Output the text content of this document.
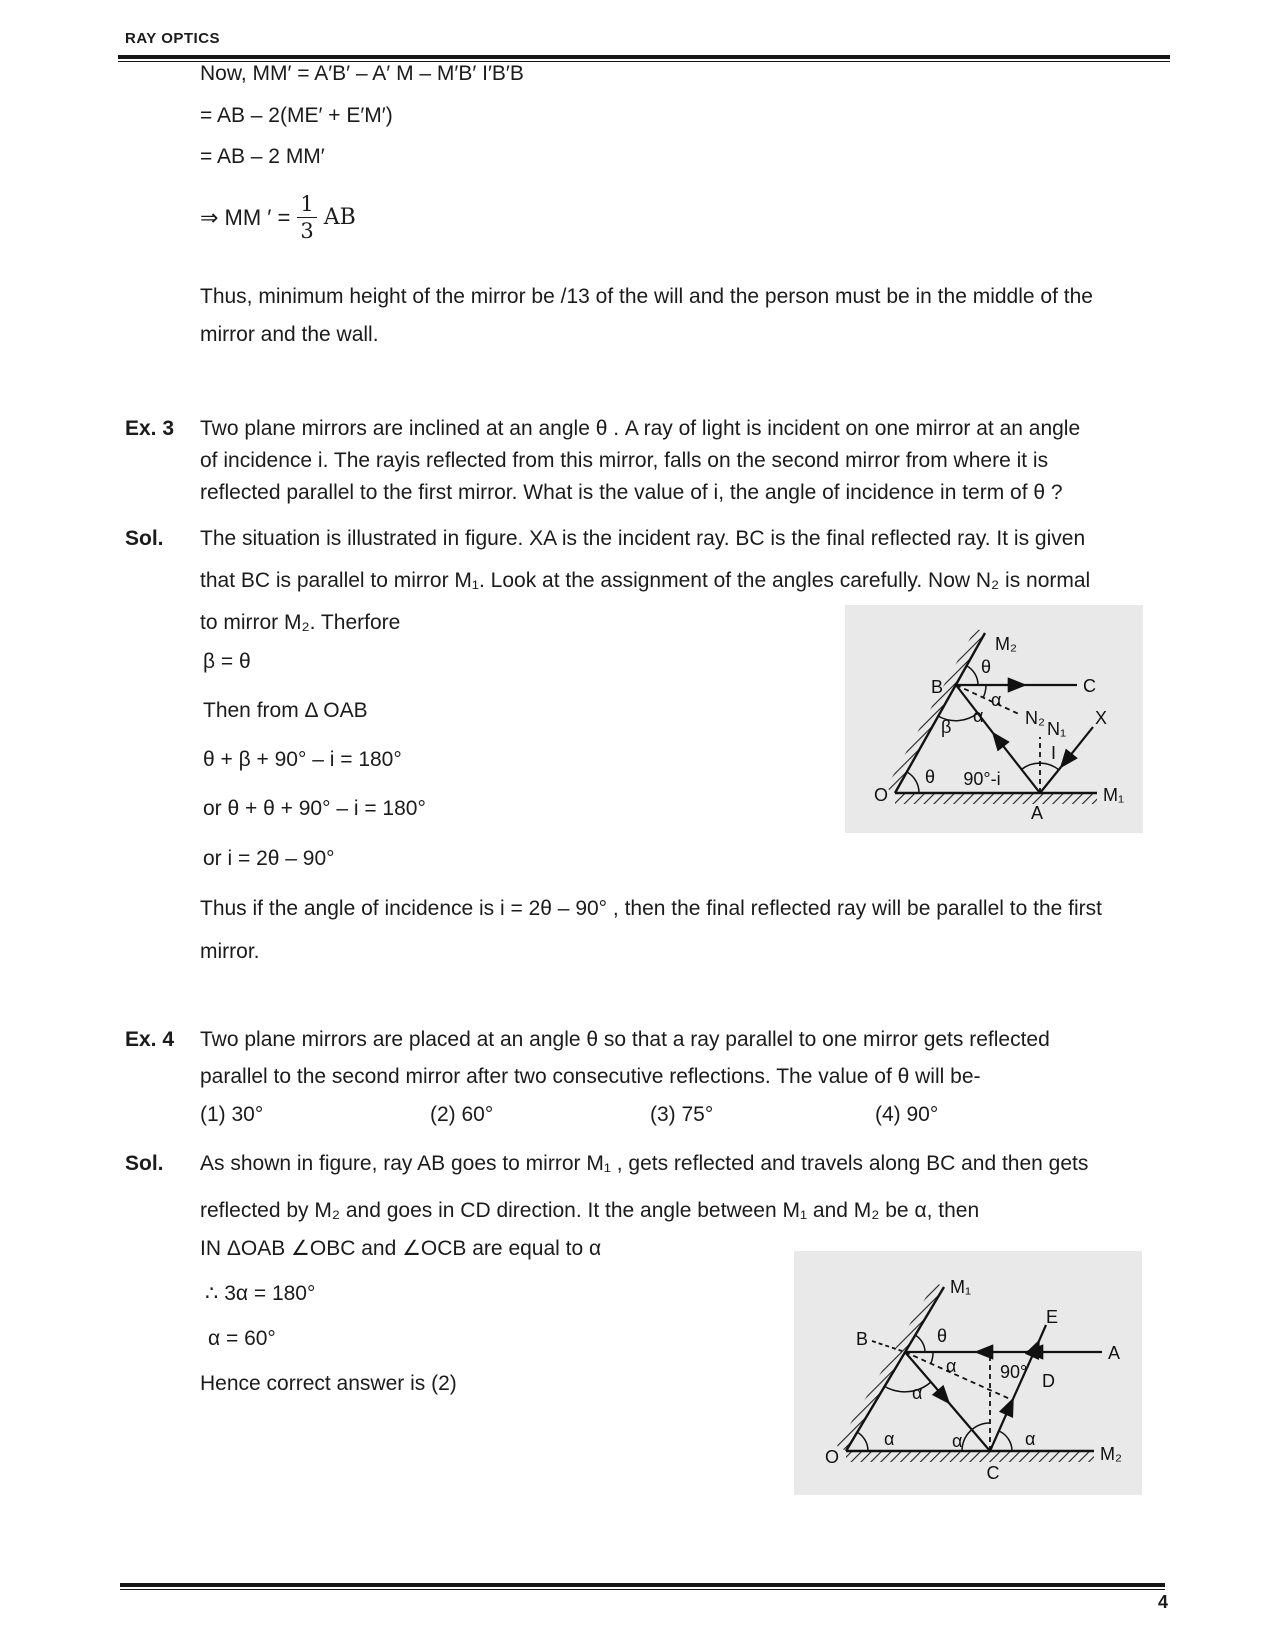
RAY OPTICS
Now, MM′ = A′B′ – A′ M – M′B′ I′B′B
= AB – 2(ME′ + E′M′)
= AB – 2 MM′
⇒ MM ′ = $\frac{1}{3}$ AB
Thus, minimum height of the mirror be /13 of the will and the person must be in the middle of the
mirror and the wall.
Ex. 3 Two plane mirrors are inclined at an angle θ . A ray of light is incident on one mirror at an angle
of incidence i. The rayis reflected from this mirror, falls on the second mirror from where it is
reflected parallel to the first mirror. What is the value of i, the angle of incidence in term of θ ?
Sol. The situation is illustrated in figure. XA is the incident ray. BC is the final reflected ray. It is given
that BC is parallel to mirror M₁. Look at the assignment of the angles carefully. Now N₂ is normal
to mirror M₂. Therfore
β = θ
Then from Δ OAB
θ + β + 90° – i = 180°
or θ + θ + 90° – i = 180°
or i = 2θ – 90°
Thus if the angle of incidence is i = 2θ – 90° , then the final reflected ray will be parallel to the first
mirror.
M₂
θ
B	C
α
α N₂
β	N₁
I
X
90°-i
θ
O
A
M₁
Ex. 4 Two plane mirrors are placed at an angle θ so that a ray parallel to one mirror gets reflected
parallel to the second mirror after two consecutive reflections. The value of θ will be-
(1) 30°	(2) 60°	(3) 75°	(4) 90°
Sol. As shown in figure, ray AB goes to mirror M₁ , gets reflected and travels along BC and then gets
reflected by M₂ and goes in CD direction. It the angle between M₁ and M₂ be α, then
IN ΔOAB ∠OBC and ∠OCB are equal to α
∴ 3α = 180°
α = 60°
Hence correct answer is (2)
M₁
B	θ
E
A
α 90° D
α
α	α	α
O	M₂
C
4
